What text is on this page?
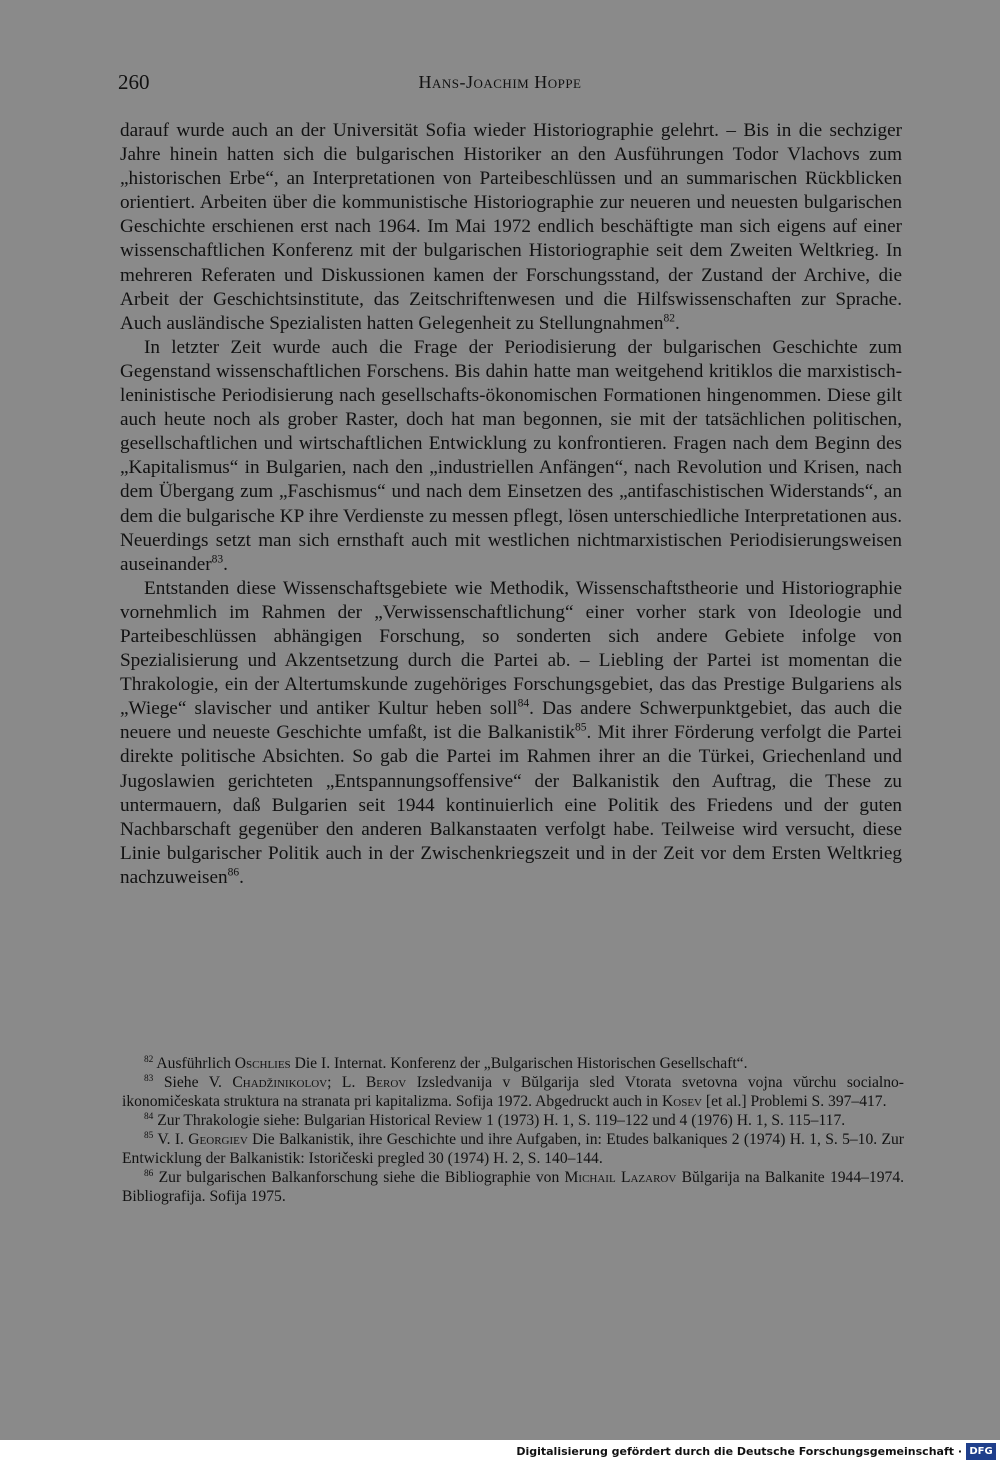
260	Hans-Joachim Hoppe

darauf wurde auch an der Universität Sofia wieder Historiographie gelehrt. – Bis in die sechziger Jahre hinein hatten sich die bulgarischen Historiker an den Ausführungen Todor Vlachovs zum „historischen Erbe“, an Interpretationen von Parteibeschlüssen und an summarischen Rückblicken orientiert. Arbeiten über die kommunistische Historiographie zur neueren und neuesten bulgarischen Geschichte erschienen erst nach 1964. Im Mai 1972 endlich beschäftigte man sich eigens auf einer wissenschaftlichen Konferenz mit der bulgarischen Historiographie seit dem Zweiten Weltkrieg. In mehreren Referaten und Diskussionen kamen der Forschungsstand, der Zustand der Archive, die Arbeit der Geschichtsinstitute, das Zeitschriftenwesen und die Hilfswissenschaften zur Sprache. Auch ausländische Spezialisten hatten Gelegenheit zu Stellungnahmen$^{82}$.

In letzter Zeit wurde auch die Frage der Periodisierung der bulgarischen Geschichte zum Gegenstand wissenschaftlichen Forschens. Bis dahin hatte man weitgehend kritiklos die marxistisch-leninistische Periodisierung nach gesellschafts-ökonomischen Formationen hingenommen. Diese gilt auch heute noch als grober Raster, doch hat man begonnen, sie mit der tatsächlichen politischen, gesellschaftlichen und wirtschaftlichen Entwicklung zu konfrontieren. Fragen nach dem Beginn des „Kapitalismus“ in Bulgarien, nach den „industriellen Anfängen“, nach Revolution und Krisen, nach dem Übergang zum „Faschismus“ und nach dem Einsetzen des „antifaschistischen Widerstands“, an dem die bulgarische KP ihre Verdienste zu messen pflegt, lösen unterschiedliche Interpretationen aus. Neuerdings setzt man sich ernsthaft auch mit westlichen nichtmarxistischen Periodisierungsweisen auseinander$^{83}$.

Entstanden diese Wissenschaftsgebiete wie Methodik, Wissenschaftstheorie und Historiographie vornehmlich im Rahmen der „Verwissenschaftlichung“ einer vorher stark von Ideologie und Parteibeschlüssen abhängigen Forschung, so sonderten sich andere Gebiete infolge von Spezialisierung und Akzentsetzung durch die Partei ab. – Liebling der Partei ist momentan die Thrakologie, ein der Altertumskunde zugehöriges Forschungsgebiet, das das Prestige Bulgariens als „Wiege“ slavischer und antiker Kultur heben soll$^{84}$. Das andere Schwerpunktgebiet, das auch die neuere und neueste Geschichte umfaßt, ist die Balkanistik$^{85}$. Mit ihrer Förderung verfolgt die Partei direkte politische Absichten. So gab die Partei im Rahmen ihrer an die Türkei, Griechenland und Jugoslawien gerichteten „Entspannungsoffensive“ der Balkanistik den Auftrag, die These zu untermauern, daß Bulgarien seit 1944 kontinuierlich eine Politik des Friedens und der guten Nachbarschaft gegenüber den anderen Balkanstaaten verfolgt habe. Teilweise wird versucht, diese Linie bulgarischer Politik auch in der Zwischenkriegszeit und in der Zeit vor dem Ersten Weltkrieg nachzuweisen$^{86}$.

$^{82}$ Ausführlich Oschlies Die I. Internat. Konferenz der „Bulgarischen Historischen Gesellschaft“.

$^{83}$ Siehe V. Chadžinikolov; L. Berov Izsledvanija v Bŭlgarija sled Vtorata svetovna vojna vŭrchu socialno-ikonomičeskata struktura na stranata pri kapitalizma. Sofija 1972. Abgedruckt auch in Kosev [et al.] Problemi S. 397–417.

$^{84}$ Zur Thrakologie siehe: Bulgarian Historical Review 1 (1973) H. 1, S. 119–122 und 4 (1976) H. 1, S. 115–117.

$^{85}$ V. I. Georgiev Die Balkanistik, ihre Geschichte und ihre Aufgaben, in: Etudes balkaniques 2 (1974) H. 1, S. 5–10. Zur Entwicklung der Balkanistik: Istoričeski pregled 30 (1974) H. 2, S. 140–144.

$^{86}$ Zur bulgarischen Balkanforschung siehe die Bibliographie von Michail Lazarov Bŭlgarija na Balkanite 1944–1974. Bibliografija. Sofija 1975.

Digitalisierung gefördert durch die Deutsche Forschungsgemeinschaft · DFG
